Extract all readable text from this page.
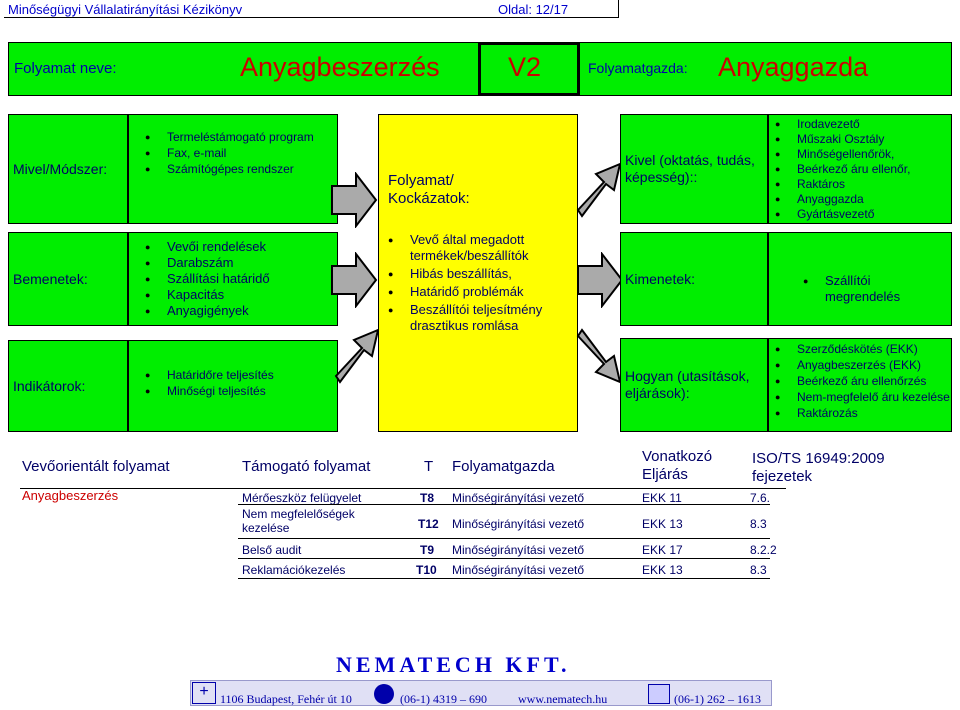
Minőségügyi Vállalatirányítási Kézikönyv	Oldal: 12/17
Folyamat neve:	Anyagbeszerzés	V2	Folyamatgazda: Anyaggazda
Mivel/Módszer:
● Termeléstámogató program
● Fax, e-mail
● Számítógépes rendszer
Bemenetek:
● Vevői rendelések
● Darabszám
● Szállítási határidő
● Kapacitás
● Anyagigények
Indikátorok:
● Határidőre teljesítés
● Minőségi teljesítés
Folyamat/ Kockázatok:
● Vevő által megadott termékek/beszállítók
● Hibás beszállítás,
● Határidő problémák
● Beszállítói teljesítmény drasztikus romlása
Kivel (oktatás, tudás, képesség)::
● Irodavezető
● Műszaki Osztály
● Minőségellenőrök,
● Beérkező áru ellenőr,
● Raktáros
● Anyaggazda
● Gyártásvezető
Kimenetek:
●	Szállítói megrendelés
Hogyan (utasítások, eljárások):
● Szerződéskötés (EKK)
● Anyagbeszerzés (EKK)
● Beérkező áru ellenőrzés
● Nem-megfelelő áru kezelése
● Raktározás
Vevőorientált folyamat	Támogató folyamat	T Folyamatgazda
Vonatkozó Eljárás
ISO/TS 16949:2009 fejezetek
Anyagbeszerzés	Mérőeszköz felügyelet	T8 Minőségirányítási vezető	EKK 11	7.6.
Nem megfelelőségek kezelése	T12 Minőségirányítási vezető	EKK 13	8.3
Belső audit	T9 Minőségirányítási vezető	EKK 17	8.2.2
Reklamációkezelés	T10 Minőségirányítási vezető	EKK 13	8.3
NEMATECH KFT.
+ 1106 Budapest, Fehér út 10	(06-1) 4319 – 690	www.nematech.hu	(06-1) 262 – 1613
